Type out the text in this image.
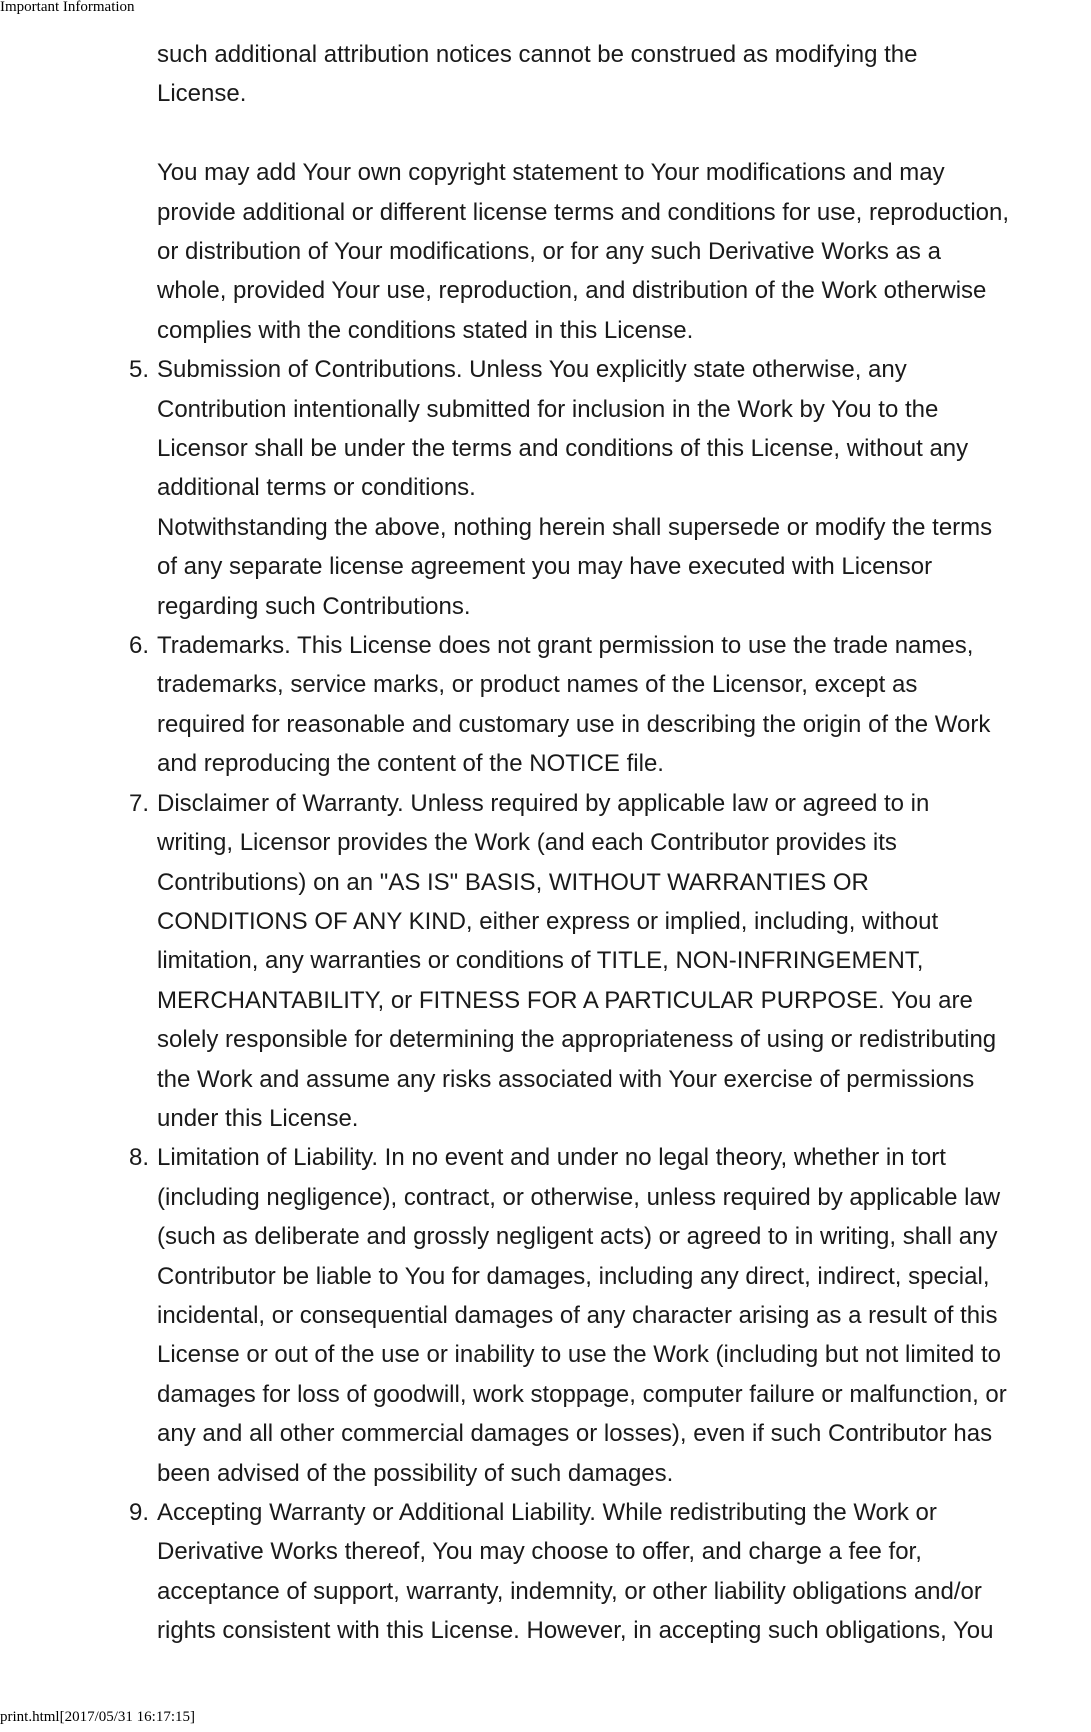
Important Information
such additional attribution notices cannot be construed as modifying the
License.
You may add Your own copyright statement to Your modifications and may
provide additional or different license terms and conditions for use, reproduction,
or distribution of Your modifications, or for any such Derivative Works as a
whole, provided Your use, reproduction, and distribution of the Work otherwise
complies with the conditions stated in this License.
5. Submission of Contributions. Unless You explicitly state otherwise, any
Contribution intentionally submitted for inclusion in the Work by You to the
Licensor shall be under the terms and conditions of this License, without any
additional terms or conditions.
Notwithstanding the above, nothing herein shall supersede or modify the terms
of any separate license agreement you may have executed with Licensor
regarding such Contributions.
6. Trademarks. This License does not grant permission to use the trade names,
trademarks, service marks, or product names of the Licensor, except as
required for reasonable and customary use in describing the origin of the Work
and reproducing the content of the NOTICE file.
7. Disclaimer of Warranty. Unless required by applicable law or agreed to in
writing, Licensor provides the Work (and each Contributor provides its
Contributions) on an "AS IS" BASIS, WITHOUT WARRANTIES OR
CONDITIONS OF ANY KIND, either express or implied, including, without
limitation, any warranties or conditions of TITLE, NON-INFRINGEMENT,
MERCHANTABILITY, or FITNESS FOR A PARTICULAR PURPOSE. You are
solely responsible for determining the appropriateness of using or redistributing
the Work and assume any risks associated with Your exercise of permissions
under this License.
8. Limitation of Liability. In no event and under no legal theory, whether in tort
(including negligence), contract, or otherwise, unless required by applicable law
(such as deliberate and grossly negligent acts) or agreed to in writing, shall any
Contributor be liable to You for damages, including any direct, indirect, special,
incidental, or consequential damages of any character arising as a result of this
License or out of the use or inability to use the Work (including but not limited to
damages for loss of goodwill, work stoppage, computer failure or malfunction, or
any and all other commercial damages or losses), even if such Contributor has
been advised of the possibility of such damages.
9. Accepting Warranty or Additional Liability. While redistributing the Work or
Derivative Works thereof, You may choose to offer, and charge a fee for,
acceptance of support, warranty, indemnity, or other liability obligations and/or
rights consistent with this License. However, in accepting such obligations, You
print.html[2017/05/31 16:17:15]
